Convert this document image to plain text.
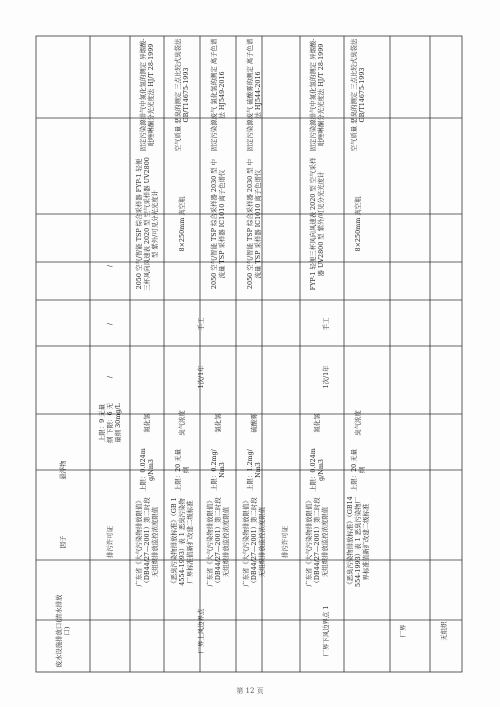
废水设施排放口(清水排放口)
因子
悬浮物
排污许可证
上限：9 无量纲 下限：6 无量纲 30mg/L
/
/
/
氮化氢
广东省《大气污染物排放限值》（DB44/27—2001）第二时段无组织排放监控浓度限值
上限：0.024mg/Nm3
2050 空气/智能 TSP 综合采样器 FYP-1 轻便三杯风向风速表 2020 型 空气采样器 UV2800 型 紫外/可见分光光度计
固定污染源排气中氮化氢的测定 异烟酸-吡唑啉酮分光光度法 HJ/T 28-1999
臭气浓度
《恶臭污染物排放标准》（GB 14554-1993）表 1 恶臭污染物厂界标准值新扩改建二级标准
上限：20 无量纲
8×250mm 真空瓶
空气质量 恶臭的测定 三点比较式臭袋法 GB/T14675-1993
氯化氢
广东省《大气污染物排放限值》（DB44/27—2001）第二时段无组织排放监控浓度限值
上限：0.2mg/Nm3
2050 空气/智能 TSP 综合采样器 2030 型 中流量 TSP 采样器 IC1010 离子色谱仪
固定污染源废气 氯化氢的测定 离子色谱法 HJ549-2016
硫酸雾
广东省《大气污染物排放限值》（DB44/27—2001）第二时段无组织排放监控浓度限值
上限：1.2mg/Nm3
2050 空气/智能 TSP 综合采样器 2030 型 中流量 TSP 采样器 IC1010 离子色谱仪
固定污染源废气 硫酸雾的测定 离子色谱法 HJ544-2016
厂界上风边界点
1次/1年
手工
厂界下风边界点 1
排污许可证	广东省《大气污染物排放限值》（DB44/27—2001）第二时段无组织排放监控浓度限值
上限：0.024mg/Nm3
氮化氢
1次/1年
手工
FYP-1 轻便三杯风向风速表 2020 型 空气采样器 UV2800 型 紫外/可见分光光度计
固定污染源排气中氮化氢的测定 异烟酸-吡唑啉酮分光光度法 HJ/T 28-1999
《恶臭污染物排放标准》（GB14554-1993）表 1 恶臭污染物厂界标准值新扩改建二级标准
上限：20 无量纲
臭气浓度
8×250mm 真空瓶
空气质量 恶臭的测定 三点比较式臭袋法 GB/T14675-1993
厂界	无组织
第 12 页
